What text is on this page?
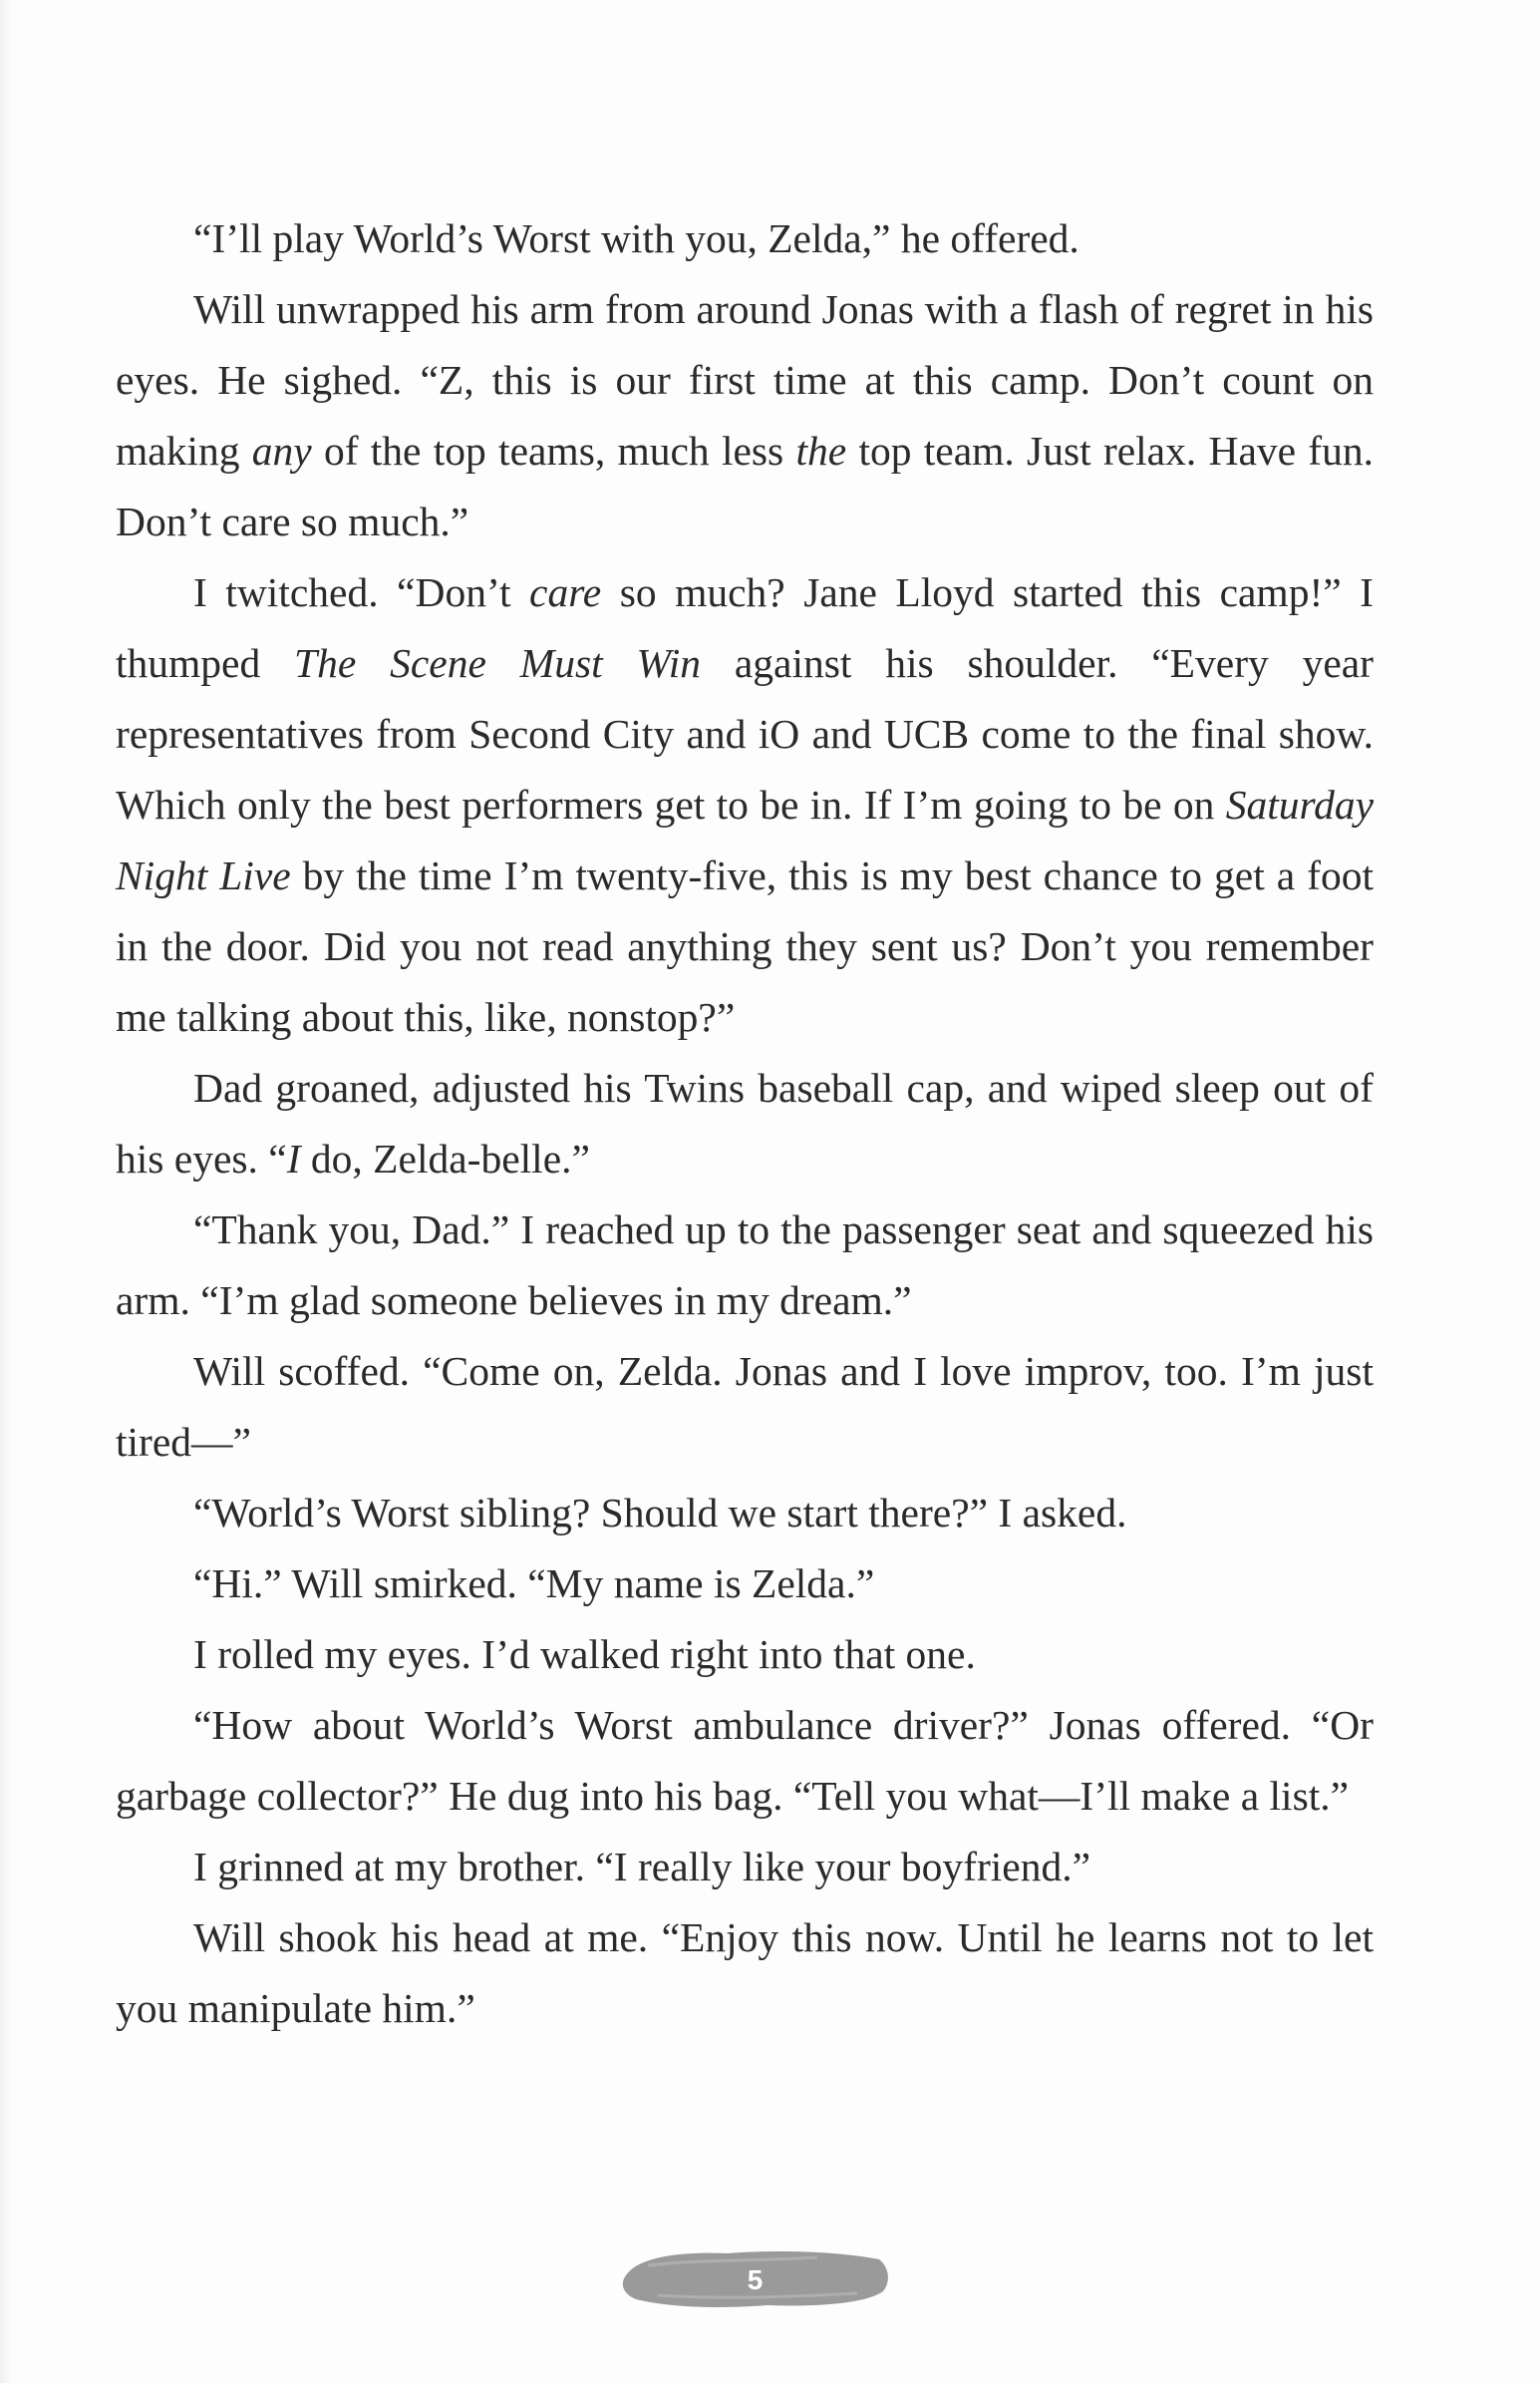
“I’ll play World’s Worst with you, Zelda,” he offered.

Will unwrapped his arm from around Jonas with a flash of regret in his eyes. He sighed. “Z, this is our first time at this camp. Don’t count on making any of the top teams, much less the top team. Just relax. Have fun. Don’t care so much.”

I twitched. “Don’t care so much? Jane Lloyd started this camp!” I thumped The Scene Must Win against his shoulder. “Every year representatives from Second City and iO and UCB come to the final show. Which only the best performers get to be in. If I’m going to be on Saturday Night Live by the time I’m twenty-five, this is my best chance to get a foot in the door. Did you not read anything they sent us? Don’t you remember me talking about this, like, nonstop?”

Dad groaned, adjusted his Twins baseball cap, and wiped sleep out of his eyes. “I do, Zelda-belle.”

“Thank you, Dad.” I reached up to the passenger seat and squeezed his arm. “I’m glad someone believes in my dream.”

Will scoffed. “Come on, Zelda. Jonas and I love improv, too. I’m just tired—”

“World’s Worst sibling? Should we start there?” I asked.

“Hi.” Will smirked. “My name is Zelda.”

I rolled my eyes. I’d walked right into that one.

“How about World’s Worst ambulance driver?” Jonas offered. “Or garbage collector?” He dug into his bag. “Tell you what—I’ll make a list.”

I grinned at my brother. “I really like your boyfriend.”

Will shook his head at me. “Enjoy this now. Until he learns not to let you manipulate him.”

5
